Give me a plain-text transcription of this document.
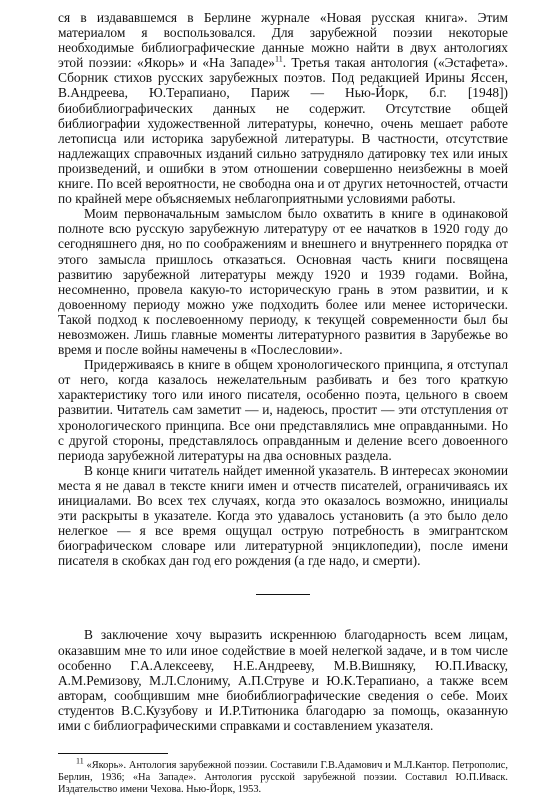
ся в издававшемся в Берлине журнале «Новая русская книга». Этим материалом я воспользовался. Для зарубежной поэзии некоторые необходимые библиографические данные можно найти в двух антологиях этой поэзии: «Якорь» и «На Западе»$^{11}$. Третья такая антология («Эстафета». Сборник стихов русских зарубежных поэтов. Под редакцией Ирины Яссен, В.Андреева, Ю.Терапиано, Париж — Нью-Йорк, б.г. [1948]) биобиблиографических данных не содержит. Отсутствие общей библиографии художественной литературы, конечно, очень мешает работе летописца или историка зарубежной литературы. В частности, отсутствие надлежащих справочных изданий сильно затрудняло датировку тех или иных произведений, и ошибки в этом отношении совершенно неизбежны в моей книге. По всей вероятности, не свободна она и от других неточностей, отчасти по крайней мере объясняемых неблагоприятными условиями работы.

Моим первоначальным замыслом было охватить в книге в одинаковой полноте всю русскую зарубежную литературу от ее начатков в 1920 году до сегодняшнего дня, но по соображениям и внешнего и внутреннего порядка от этого замысла пришлось отказаться. Основная часть книги посвящена развитию зарубежной литературы между 1920 и 1939 годами. Война, несомненно, провела какую-то историческую грань в этом развитии, и к довоенному периоду можно уже подходить более или менее исторически. Такой подход к послевоенному периоду, к текущей современности был бы невозможен. Лишь главные моменты литературного развития в Зарубежье во время и после войны намечены в «Послесловии».

Придерживаясь в книге в общем хронологического принципа, я отступал от него, когда казалось нежелательным разбивать и без того краткую характеристику того или иного писателя, особенно поэта, цельного в своем развитии. Читатель сам заметит — и, надеюсь, простит — эти отступления от хронологического принципа. Все они представлялись мне оправданными. Но с другой стороны, представлялось оправданным и деление всего довоенного периода зарубежной литературы на два основных раздела.

В конце книги читатель найдет именной указатель. В интересах экономии места я не давал в тексте книги имен и отчеств писателей, ограничиваясь их инициалами. Во всех тех случаях, когда это оказалось возможно, инициалы эти раскрыты в указателе. Когда это удавалось установить (а это было дело нелегкое — я все время ощущал острую потребность в эмигрантском биографическом словаре или литературной энциклопедии), после имени писателя в скобках дан год его рождения (а где надо, и смерти).

В заключение хочу выразить искреннюю благодарность всем лицам, оказавшим мне то или иное содействие в моей нелегкой задаче, и в том числе особенно Г.А.Алексееву, Н.Е.Андрееву, М.В.Вишняку, Ю.П.Иваску, А.М.Ремизову, М.Л.Слониму, А.П.Струве и Ю.К.Терапиано, а также всем авторам, сообщившим мне биобиблиографические сведения о себе. Моих студентов В.С.Кузубову и И.Р.Титюника благодарю за помощь, оказанную ими с библиографическими справками и составлением указателя.

$^{11}$ «Якорь». Антология зарубежной поэзии. Составили Г.В.Адамович и М.Л.Кантор. Петрополис, Берлин, 1936; «На Западе». Антология русской зарубежной поэзии. Составил Ю.П.Иваск. Издательство имени Чехова. Нью-Йорк, 1953.
